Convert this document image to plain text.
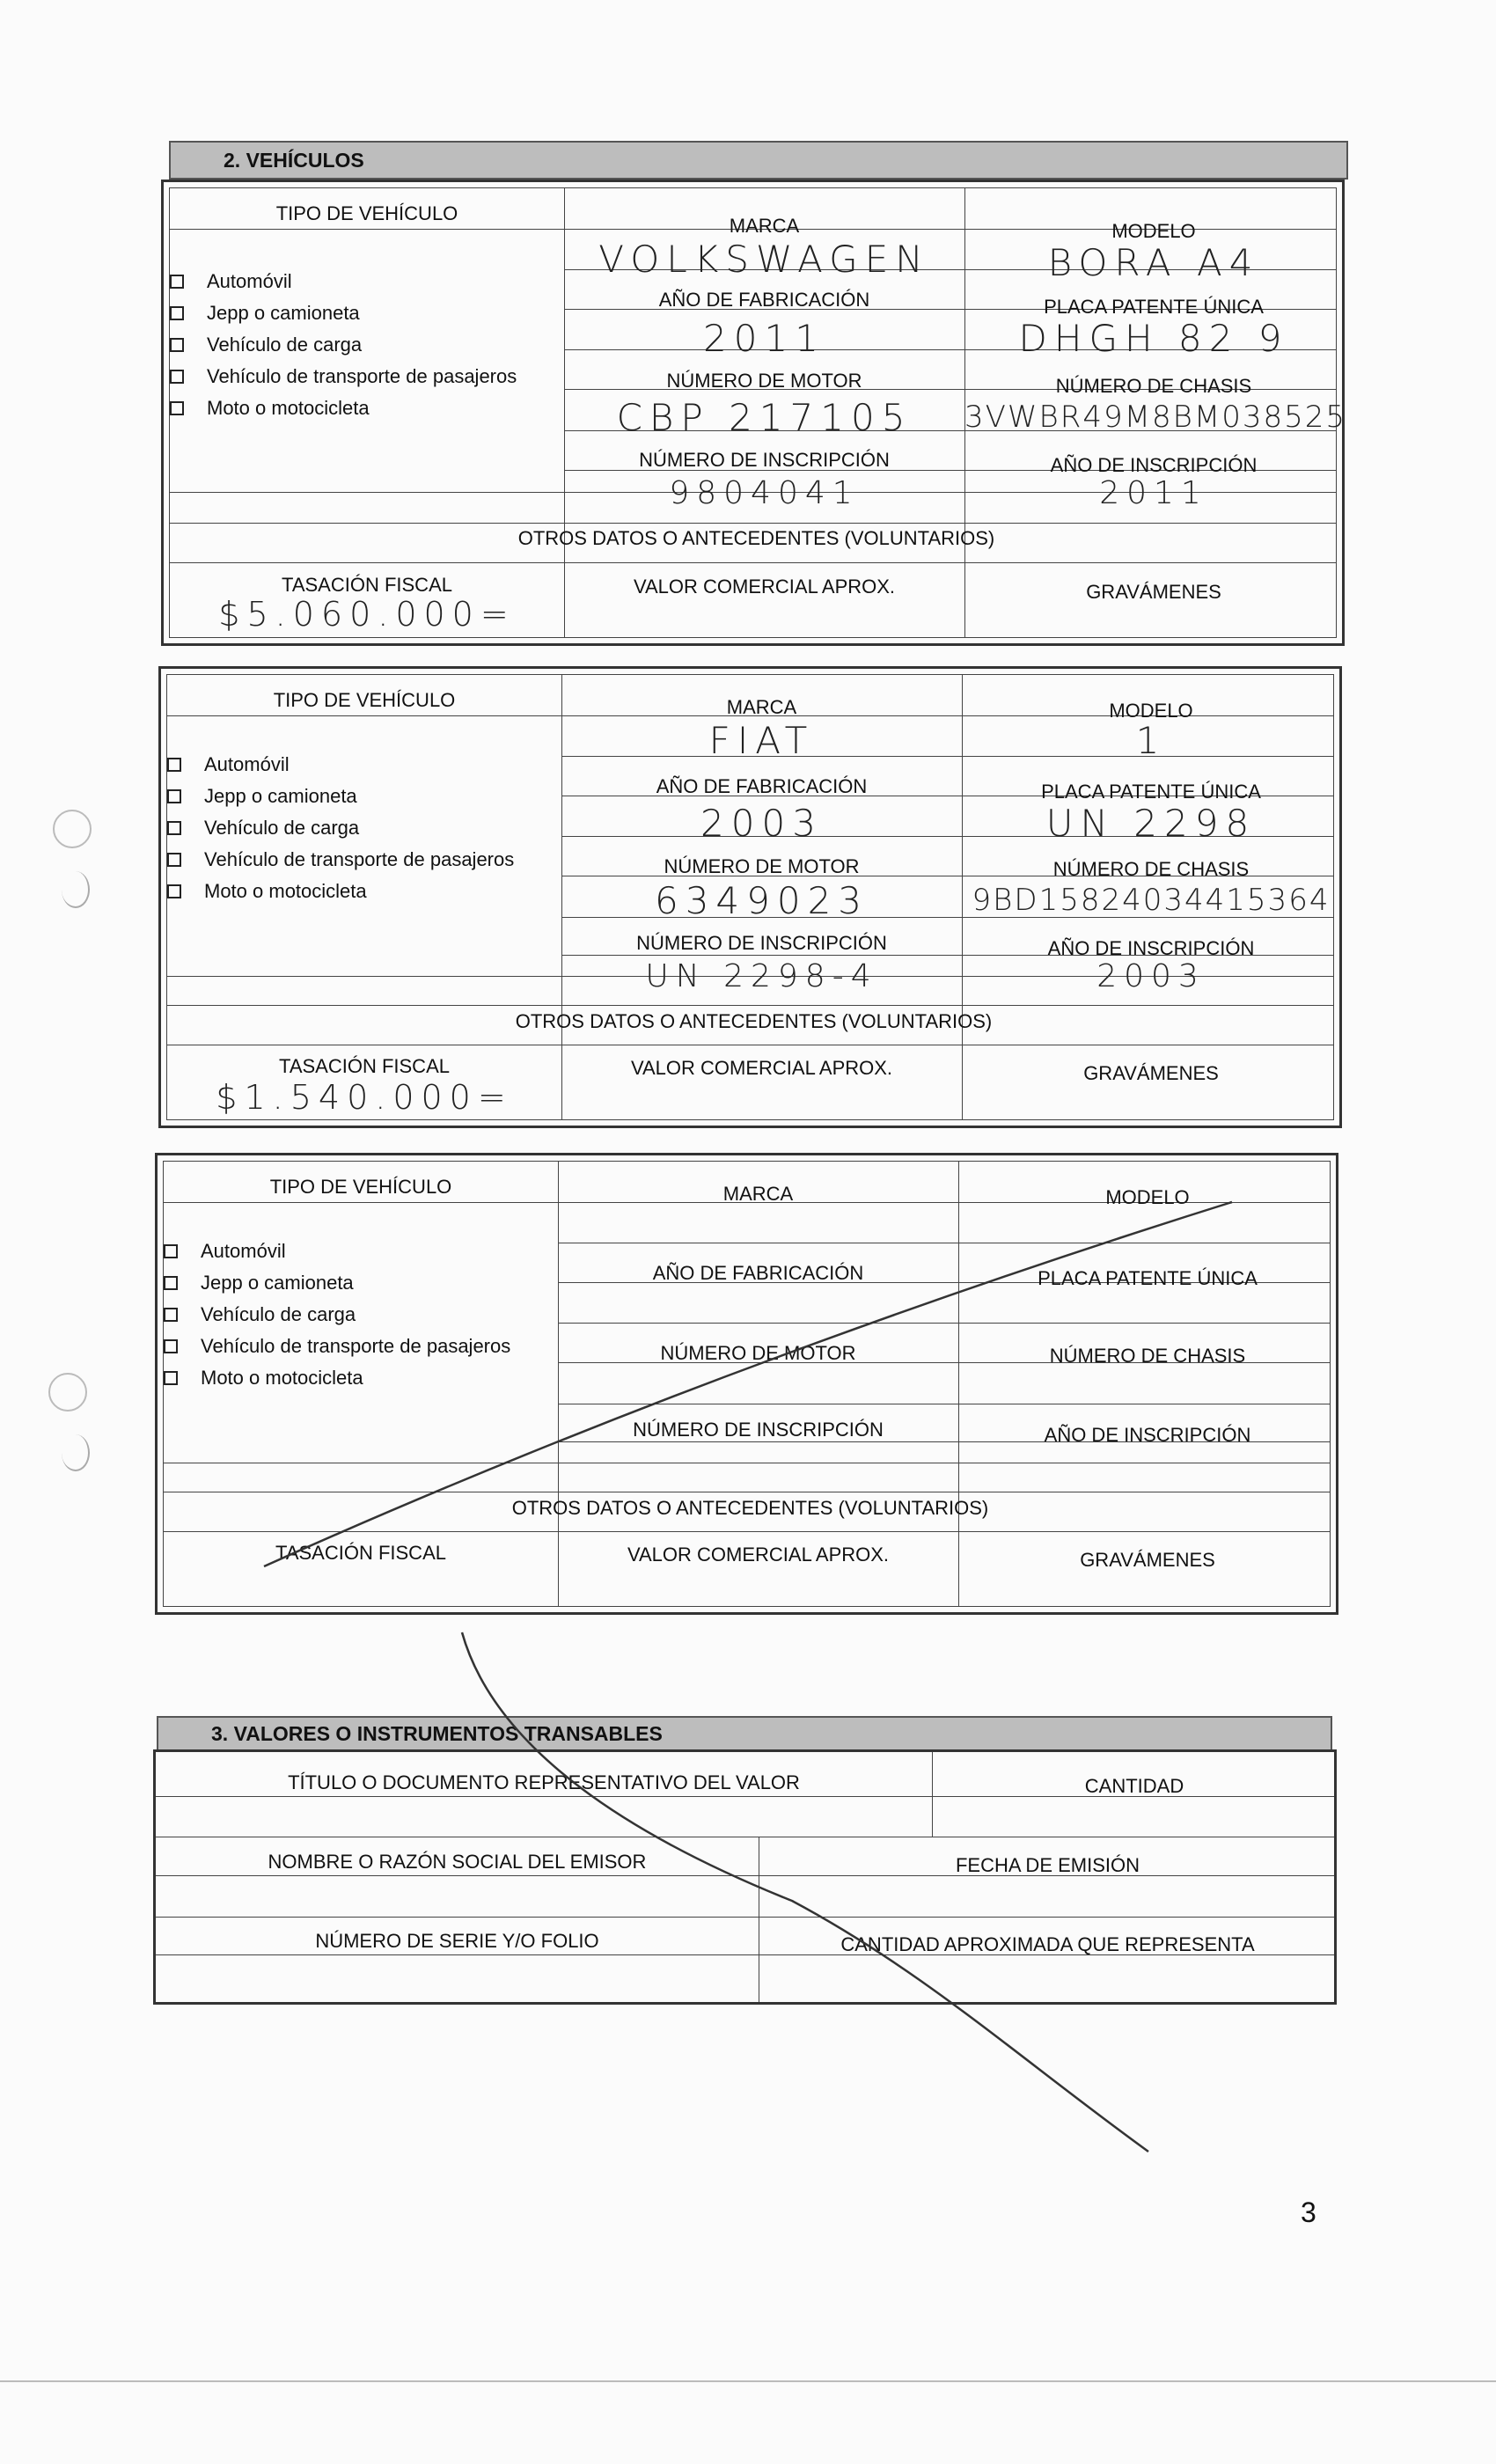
2. VEHÍCULOS
TIPO DE VEHÍCULO
MARCA	MODELO
VOLKSWAGEN	BORA A4
AÑO DE FABRICACIÓN	PLACA PATENTE ÚNICA
2011	DHGH 82 9
NÚMERO DE MOTOR	NÚMERO DE CHASIS
CBP 217105	3VWBR49M8BM038525
NÚMERO DE INSCRIPCIÓN	AÑO DE INSCRIPCIÓN
9804041	2011
OTROS DATOS O ANTECEDENTES (VOLUNTARIOS)
TASACIÓN FISCAL	VALOR COMERCIAL APROX.	GRAVÁMENES
$5.060.000=
Automóvil
Jepp o camioneta
Vehículo de carga
Vehículo de transporte de pasajeros
Moto o motocicleta
TIPO DE VEHÍCULO	MARCA	MODELO
FIAT	1
AÑO DE FABRICACIÓN	PLACA PATENTE ÚNICA
2003	UN 2298
NÚMERO DE MOTOR	NÚMERO DE CHASIS
6349023	9BD15824034415364
NÚMERO DE INSCRIPCIÓN	AÑO DE INSCRIPCIÓN
UN 2298-4	2003
OTROS DATOS O ANTECEDENTES (VOLUNTARIOS)
TASACIÓN FISCAL	VALOR COMERCIAL APROX.	GRAVÁMENES
$1.540.000=
Automóvil
Jepp o camioneta
Vehículo de carga
Vehículo de transporte de pasajeros
Moto o motocicleta
TIPO DE VEHÍCULO	MARCA	MODELO
AÑO DE FABRICACIÓN	PLACA PATENTE ÚNICA
NÚMERO DE MOTOR	NÚMERO DE CHASIS
NÚMERO DE INSCRIPCIÓN	AÑO DE INSCRIPCIÓN
OTROS DATOS O ANTECEDENTES (VOLUNTARIOS)
TASACIÓN FISCAL	VALOR COMERCIAL APROX.	GRAVÁMENES
Automóvil
Jepp o camioneta
Vehículo de carga
Vehículo de transporte de pasajeros
Moto o motocicleta
3. VALORES O INSTRUMENTOS TRANSABLES
TÍTULO O DOCUMENTO REPRESENTATIVO DEL VALOR	CANTIDAD
NOMBRE O RAZÓN SOCIAL DEL EMISOR	FECHA DE EMISIÓN
NÚMERO DE SERIE Y/O FOLIO	CANTIDAD APROXIMADA QUE REPRESENTA
3
